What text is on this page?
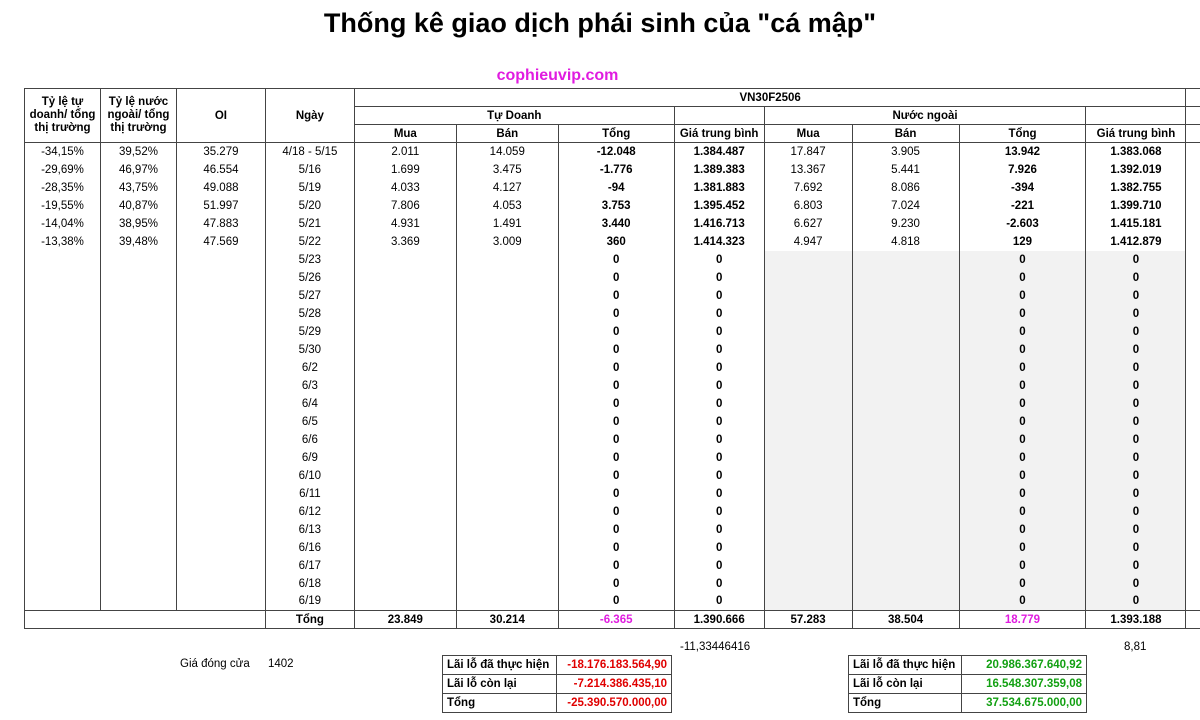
Thống kê giao dịch phái sinh của "cá mập"
cophieuvip.com
Tỷ lệ tự doanh/ tổng thị trường	Tỷ lệ nước ngoài/ tổng thị trường	OI	Ngày	VN30F2506								
				Tự Doanh				Nước ngoài				
				Mua	Bán	Tổng	Giá trung bình	Mua	Bán	Tổng	Giá trung bình	
-34,15%	39,52%	35.279	4/18 - 5/15	2.011	14.059	-12.048	1.384.487	17.847	3.905	13.942	1.383.068	
-29,69%	46,97%	46.554	5/16	1.699	3.475	-1.776	1.389.383	13.367	5.441	7.926	1.392.019	
-28,35%	43,75%	49.088	5/19	4.033	4.127	-94	1.381.883	7.692	8.086	-394	1.382.755	
-19,55%	40,87%	51.997	5/20	7.806	4.053	3.753	1.395.452	6.803	7.024	-221	1.399.710	
-14,04%	38,95%	47.883	5/21	4.931	1.491	3.440	1.416.713	6.627	9.230	-2.603	1.415.181	
-13,38%	39,48%	47.569	5/22	3.369	3.009	360	1.414.323	4.947	4.818	129	1.412.879	
			5/23			0	0			0	0	
			5/26			0	0			0	0	
			5/27			0	0			0	0	
			5/28			0	0			0	0	
			5/29			0	0			0	0	
			5/30			0	0			0	0	
			6/2			0	0			0	0	
			6/3			0	0			0	0	
			6/4			0	0			0	0	
			6/5			0	0			0	0	
			6/6			0	0			0	0	
			6/9			0	0			0	0	
			6/10			0	0			0	0	
			6/11			0	0			0	0	
			6/12			0	0			0	0	
			6/13			0	0			0	0	
			6/16			0	0			0	0	
			6/17			0	0			0	0	
			6/18			0	0			0	0	
			6/19			0	0			0	0	
			Tổng	23.849	30.214	-6.365	1.390.666	57.283	38.504	18.779	1.393.188	
-11,33446416	8,81
Giá đóng cửa 1402	Lãi lỗ đã thực hiện	-18.176.183.564,90
Lãi lỗ còn lại	-7.214.386.435,10
Tổng	-25.390.570.000,00
Lãi lỗ đã thực hiện	20.986.367.640,92
Lãi lỗ còn lại	16.548.307.359,08
Tổng	37.534.675.000,00
